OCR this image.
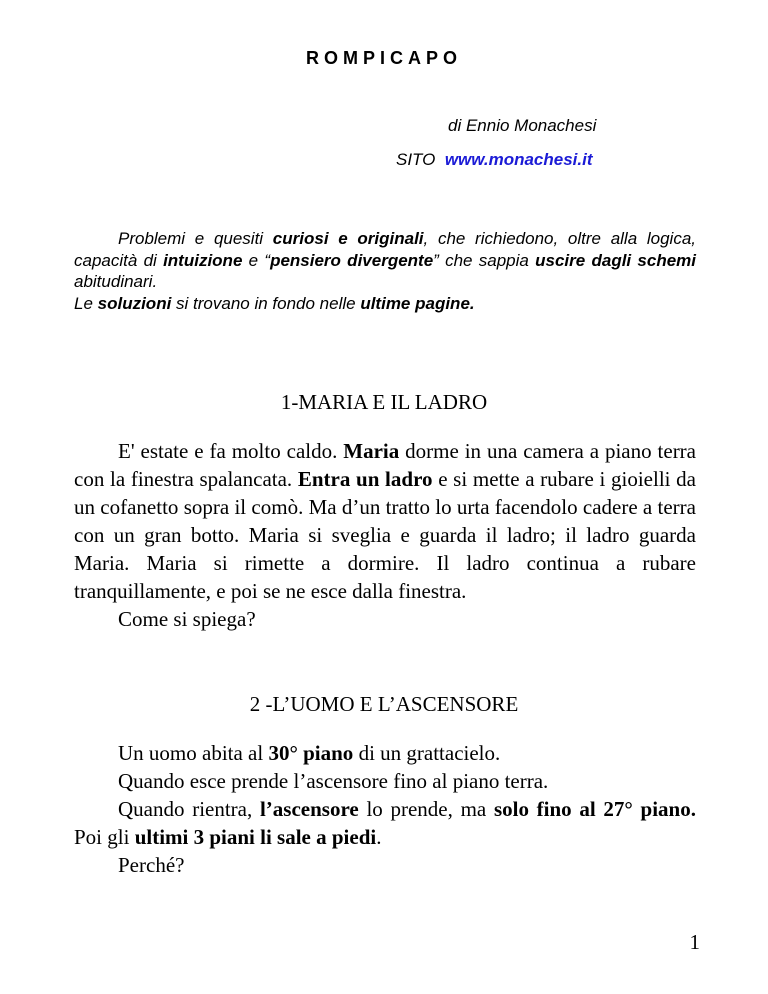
ROMPICAPO
di Ennio Monachesi
SITO www.monachesi.it

Problemi e quesiti curiosi e originali, che richiedono, oltre alla logica, capacità di intuizione e “pensiero divergente” che sappia uscire dagli schemi abitudinari.

Le soluzioni si trovano in fondo nelle ultime pagine.

1-MARIA E IL LADRO

E' estate e fa molto caldo. Maria dorme in una camera a piano terra con la finestra spalancata. Entra un ladro e si mette a rubare i gioielli da un cofanetto sopra il comò. Ma d’un tratto lo urta facendolo cadere a terra con un gran botto. Maria si sveglia e guarda il ladro; il ladro guarda Maria. Maria si rimette a dormire. Il ladro continua a rubare tranquillamente, e poi se ne esce dalla finestra.

Come si spiega?

2 -L’UOMO E L’ASCENSORE

Un uomo abita al 30° piano di un grattacielo.

Quando esce prende l’ascensore fino al piano terra.

Quando rientra, l’ascensore lo prende, ma solo fino al 27° piano. Poi gli ultimi 3 piani li sale a piedi.

Perché?

1
